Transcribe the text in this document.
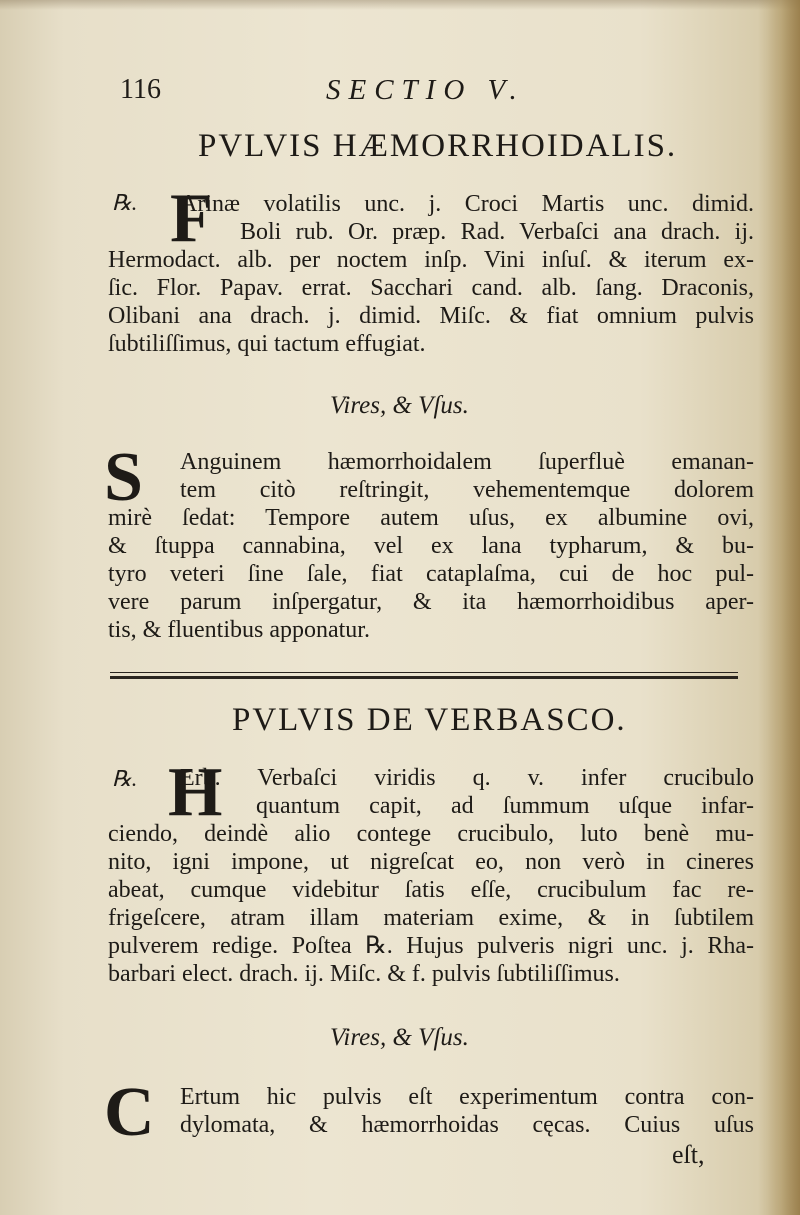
116	SECTIO V.
PVLVIS HÆMORRHOIDALIS.
℞. F
Arinæ volatilis unc. j. Croci Martis unc. dimid.
Boli rub. Or. præp. Rad. Verbaſci ana drach. ij.
Hermodact. alb. per noctem inſp. Vini inſuſ. & iterum ex-
ſic. Flor. Papav. errat. Sacchari cand. alb. ſang. Draconis,
Olibani ana drach. j. dimid. Miſc. & fiat omnium pulvis
ſubtiliſſimus, qui tactum effugiat.
Vires, & Vſus.
S	Anguinem hæmorrhoidalem ſuperfluè emanan-
tem citò reſtringit, vehementemque dolorem
mirè ſedat: Tempore autem uſus, ex albumine ovi,
& ſtuppa cannabina, vel ex lana typharum, & bu-
tyro veteri ſine ſale, fiat cataplaſma, cui de hoc pul-
vere parum inſpergatur, & ita hæmorrhoidibus aper-
tis, & fluentibus apponatur.
PVLVIS DE VERBASCO.
℞. H
Erb. Verbaſci viridis q. v. infer crucibulo
quantum capit, ad ſummum uſque infar-
ciendo, deindè alio contege crucibulo, luto benè mu-
nito, igni impone, ut nigreſcat eo, non verò in cineres
abeat, cumque videbitur ſatis eſſe, crucibulum fac re-
frigeſcere, atram illam materiam exime, & in ſubtilem
pulverem redige. Poſtea ℞. Hujus pulveris nigri unc. j. Rha-
barbari elect. drach. ij. Miſc. & f. pulvis ſubtiliſſimus.
Vires, & Vſus.
C	Ertum hic pulvis eſt experimentum contra con-
dylomata, & hæmorrhoidas cęcas. Cuius uſus
eſt,
